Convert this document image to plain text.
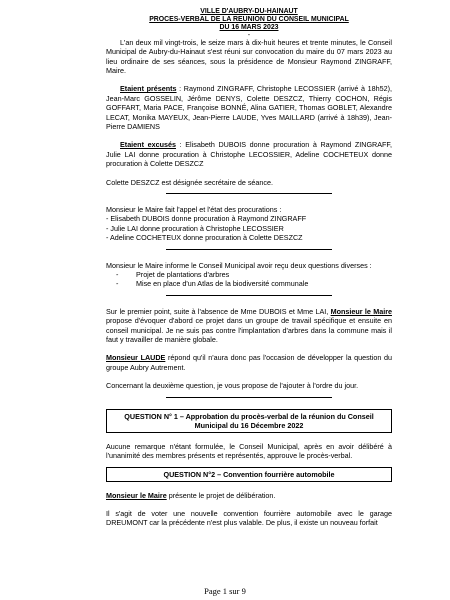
VILLE D'AUBRY-DU-HAINAUT
PROCES-VERBAL DE LA REUNION DU CONSEIL MUNICIPAL
DU 16 MARS 2023
-

L'an deux mil vingt-trois, le seize mars à dix-huit heures et trente minutes, le Conseil Municipal de Aubry-du-Hainaut s'est réuni sur convocation du maire du 07 mars 2023 au lieu ordinaire de ses séances, sous la présidence de Monsieur Raymond ZINGRAFF, Maire.

Etaient présents : Raymond ZINGRAFF, Christophe LECOSSIER (arrivé à 18h52), Jean-Marc GOSSELIN, Jérôme DENYS, Colette DESZCZ, Thierry COCHON, Régis GOFFART, Maria PACE, Françoise BONNÉ, Alina GATIER, Thomas GOBLET, Alexandre LECAT, Monika MAYEUX, Jean-Pierre LAUDE, Yves MAILLARD (arrivé à 18h39), Jean-Pierre DAMIENS

Etaient excusés : Elisabeth DUBOIS donne procuration à Raymond ZINGRAFF, Julie LAI donne procuration à Christophe LECOSSIER, Adeline COCHETEUX donne procuration à Colette DESZCZ

Colette DESZCZ est désignée secrétaire de séance.

Monsieur le Maire fait l'appel et l'état des procurations :

- Elisabeth DUBOIS donne procuration à Raymond ZINGRAFF

- Julie LAI donne procuration à Christophe LECOSSIER

- Adeline COCHETEUX donne procuration à Colette DESZCZ

Monsieur le Maire informe le Conseil Municipal avoir reçu deux questions diverses :

- Projet de plantations d'arbres
- Mise en place d'un Atlas de la biodiversité communale

Sur le premier point, suite à l'absence de Mme DUBOIS et Mme LAI, Monsieur le Maire propose d'évoquer d'abord ce projet dans un groupe de travail spécifique et ensuite en conseil municipal. Je ne suis pas contre l'implantation d'arbres dans la commune mais il faut y travailler de manière globale.

Monsieur LAUDE répond qu'il n'aura donc pas l'occasion de développer la question du groupe Aubry Autrement.

Concernant la deuxième question, je vous propose de l'ajouter à l'ordre du jour.

QUESTION N° 1 – Approbation du procès-verbal de la réunion du Conseil Municipal du 16 Décembre 2022

Aucune remarque n'étant formulée, le Conseil Municipal, après en avoir délibéré à l'unanimité des membres présents et représentés, approuve le procès-verbal.

QUESTION N°2 – Convention fourrière automobile

Monsieur le Maire présente le projet de délibération.

Il s'agit de voter une nouvelle convention fourrière automobile avec le garage DREUMONT car la précédente n'est plus valable. De plus, il existe un nouveau forfait

Page 1 sur 9
